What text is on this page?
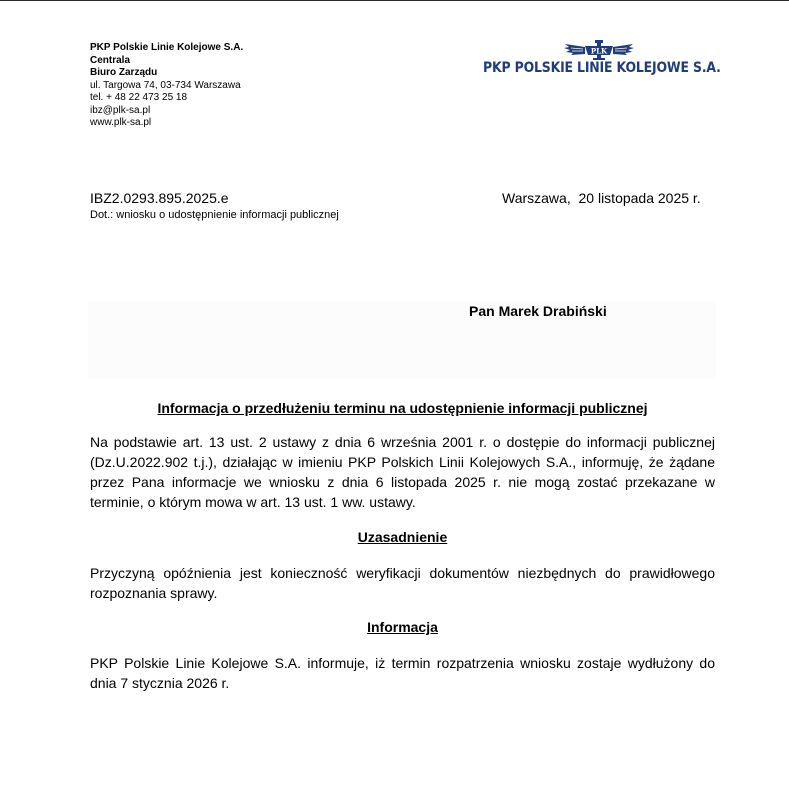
PKP Polskie Linie Kolejowe S.A.
Centrala
Biuro Zarządu
ul. Targowa 74, 03-734 Warszawa
tel. + 48 22 473 25 18
ibz@plk-sa.pl
www.plk-sa.pl
PLK
PKP POLSKIE LINIE KOLEJOWE S.A.
IBZ2.0293.895.2025.e
Dot.: wniosku o udostępnienie informacji publicznej
Warszawa,  20 listopada 2025 r.
Pan Marek Drabiński
Informacja o przedłużeniu terminu na udostępnienie informacji publicznej
Na podstawie art. 13 ust. 2 ustawy z dnia 6 września 2001 r. o dostępie do informacji publicznej (Dz.U.2022.902 t.j.), działając w imieniu PKP Polskich Linii Kolejowych S.A., informuję, że żądane przez Pana informacje we wniosku z dnia 6 listopada 2025 r. nie mogą zostać przekazane w terminie, o którym mowa w art. 13 ust. 1 ww. ustawy.
Uzasadnienie
Przyczyną opóźnienia jest konieczność weryfikacji dokumentów niezbędnych do prawidłowego rozpoznania sprawy.
Informacja
PKP Polskie Linie Kolejowe S.A. informuje, iż termin rozpatrzenia wniosku zostaje wydłużony do dnia 7 stycznia 2026 r.
